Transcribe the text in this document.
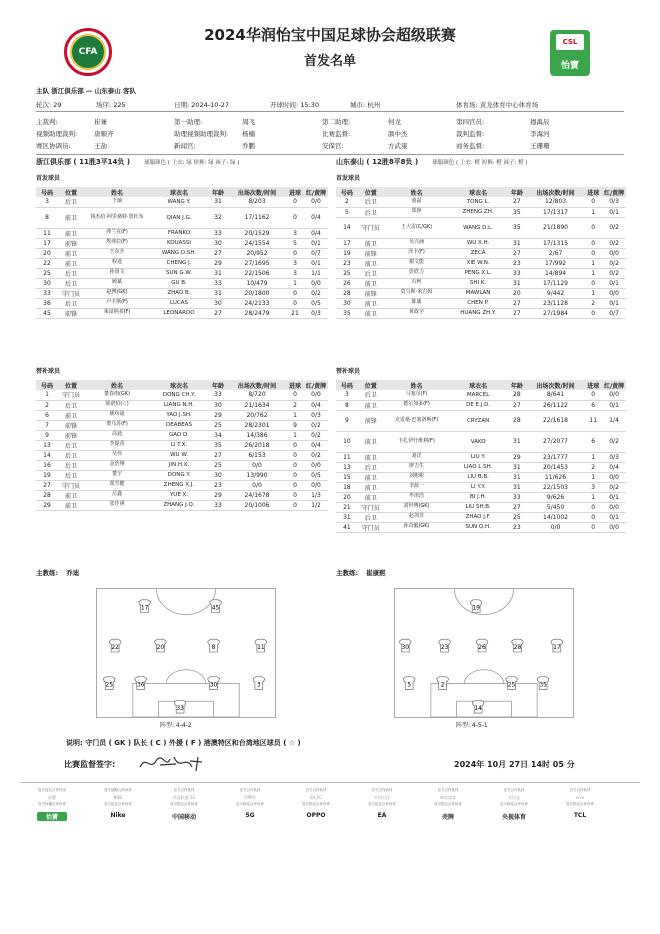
CFA
2024华润怡宝中国足球协会超级联赛
首发名单
CSL
怡寶
主队 浙江俱乐部 — 山东泰山 客队
轮次: 29	场序: 225	日期: 2024-10-27	开球时间: 15:30	城市: 杭州	体育场: 黄龙体育中心体育场
主裁判:	崔兼	第一助理:	周飞	第二助理:	何龙	第四官员:	穆禹辰
视频助理裁判:	唐顺齐	助理视频助理裁判: 杨楠	比赛监督:	颜中杰	裁判监督:	李海河
赛区协调员:	王劼	新闻官:	乔鹏	安保官:	方武康	商务监督:	王珊珊
浙江俱乐部 ( 11胜3平14负 )	球服颜色 ( 上衣: 绿 短裤: 绿 袜子: 绿 )	山东泰山 ( 12胜8平8负 )	球服颜色 ( 上衣: 橙 短裤: 橙 袜子: 橙 )
首发球员	首发球员
号码	位置	姓名	球衣名	年龄	出场次数/时间	进球	红/黄牌
3	后卫	王瑜	WANG Y.	31	8/203	0	0/0
8	前卫	钱杰给·阿里桑特·恩杜布	QIAN J.G.	32	17/1162	0	0/4
11	前卫	弗兰克(F)	FRANKO	33	20/1529	3	0/4
17	前锋	埃弗拉(F)	KOUASSI	30	24/1554	5	0/1
20	前卫	王东升	WANG D.SH.	27	20/952	0	0/7
22	前卫	程进	CHENG J.	29	27/1695	3	0/1
25	后卫	孙国文	SUN G.W.	31	22/1506	3	1/1
30	后卫	顾斌	GU B.	33	10/479	1	0/0
33	守门员	赵博(GK)	ZHAO B.	31	20/1800	0	0/2
36	后卫	卢卡斯(F)	LUCAS	30	24/2133	0	0/5
45	前锋	莱昂纳多(F)	LEONARDO	27	28/2479	21	0/3
号码	位置	姓名	球衣名	年龄	出场次数/时间	进球	红/黄牌
2	后卫	童磊	TONG L.	27	12/803	0	0/3
5	后卫	郑铮	ZHENG ZH.	35	17/1317	1	0/1
14	守门员	王大雷(C/GK)	WANG D.L.	35	21/1890	0	0/2
17	前卫	吴兴涵	WU X.H.	31	17/1315	0	0/2
19	前锋	泽卡(F)	ZECA	27	2/67	0	0/0
23	前卫	谢文能	XIE W.N.	23	17/992	1	0/2
25	后卫	彭欣力	PENG X.L.	33	14/894	1	0/2
26	前卫	石柯	SHI K.	31	17/1129	0	0/1
28	前锋	莫乌斯·米吉姆	MAWLAN	20	9/442	1	0/0
30	前卫	陈蒲	CHEN P.	27	23/1128	2	0/1
35	前卫	黄政宇	HUANG ZH.Y.	27	27/1984	0	0/7
替补球员	替补球员
号码	位置	姓名	球衣名	年龄	出场次数/时间	进球	红/黄牌
1	守门员	董春雨(GK)	DONG CH.Y.	33	8/720	0	0/0
2	后卫	梁诺恒(☆)	LIANG N.H.	30	21/1634	2	0/4
6	前卫	姚均晟	YAO J.SH.	29	20/762	1	0/3
7	前锋	奥乌苏(F)	DEABEAS	25	28/2301	9	0/2
9	前锋	高迪	GAO D.	34	14/386	1	0/2
13	后卫	李提香	LI T.X.	35	26/2018	0	0/4
14	后卫	吴伟	WU W.	27	6/153	0	0/2
16	后卫	金浩翔	JIN H.X.	25	0/0	0	0/0
19	后卫	董宇	DONG Y.	30	13/990	0	0/5
27	守门员	郑雪健	ZHENG X.J.	23	0/0	0	0/0
28	前卫	岳鑫	YUE X.	29	24/1678	0	1/3
29	前卫	张佳祺	ZHANG J.Q.	33	20/1006	0	1/2
号码	位置	姓名	球衣名	年龄	出场次数/时间	进球	红/黄牌
3	后卫	马塞尔(F)	MARCEL	28	8/641	0	0/0
8	前卫	德尔加多(F)	DE E.J.D.	27	26/1122	6	0/1
9	前锋	克雷桑·巴塞洛斯(F)	CRYZAN	28	22/1618	11	1/4
10	前卫	卡扎伊什维利(F)	VAKO	31	27/2077	6	0/2
11	前卫	刘洋	LIU Y.	29	23/1777	1	0/3
13	后卫	廖力生	LIAO L.SH.	31	20/1453	2	0/4
15	前卫	刘彬彬	LIU B.B.	31	11/626	1	0/0
18	前卫	李源一	LI Y.Y.	31	22/1503	3	0/2
20	前卫	毕津浩	BI J.H.	33	9/626	1	0/1
21	守门员	刘世博(GK)	LIU SH.B.	27	5/450	0	0/0
31	后卫	赵剑非	ZHAO J.F.	25	14/1002	0	0/1
41	守门员	孙奇毅(GK)	SUN Q.H.	23	0/0	0	0/0
主教练: 乔迪	主教练: 崔康熙
17	45
22	20	8	11
25	36	30	3
33
19
30	23	26	28	17
5	2	25	35
14
阵型: 4-4-2	阵型: 4-5-1
说明: 守门员 ( GK ) 队长 ( C ) 外援 ( F ) 港澳特区和台湾地区球员 ( ☆ )
比赛监督签字:	2024年 10月 27日 14时 05 分
官方冠名合作伙伴	官方战略合作伙伴	官方合作伙伴	官方合作伙伴	官方合作伙伴	官方合作伙伴	官方合作伙伴	官方合作伙伴	官方合作伙伴
官方转播合作伙伴	官方指定合作伙伴	官方指定合作伙伴	官方指定合作伙伴	官方指定合作伙伴	官方指定合作伙伴	官方指定合作伙伴	官方指定合作伙伴	官方指定合作伙伴
怡寶	Nike	中国移动	5G	OPPO	EA	壳牌	央视体育	TCL
怡寶	NIKE	中国联通 5G	OPPO	EA FC	中国石化	咪咕体育	支付宝	vivo
